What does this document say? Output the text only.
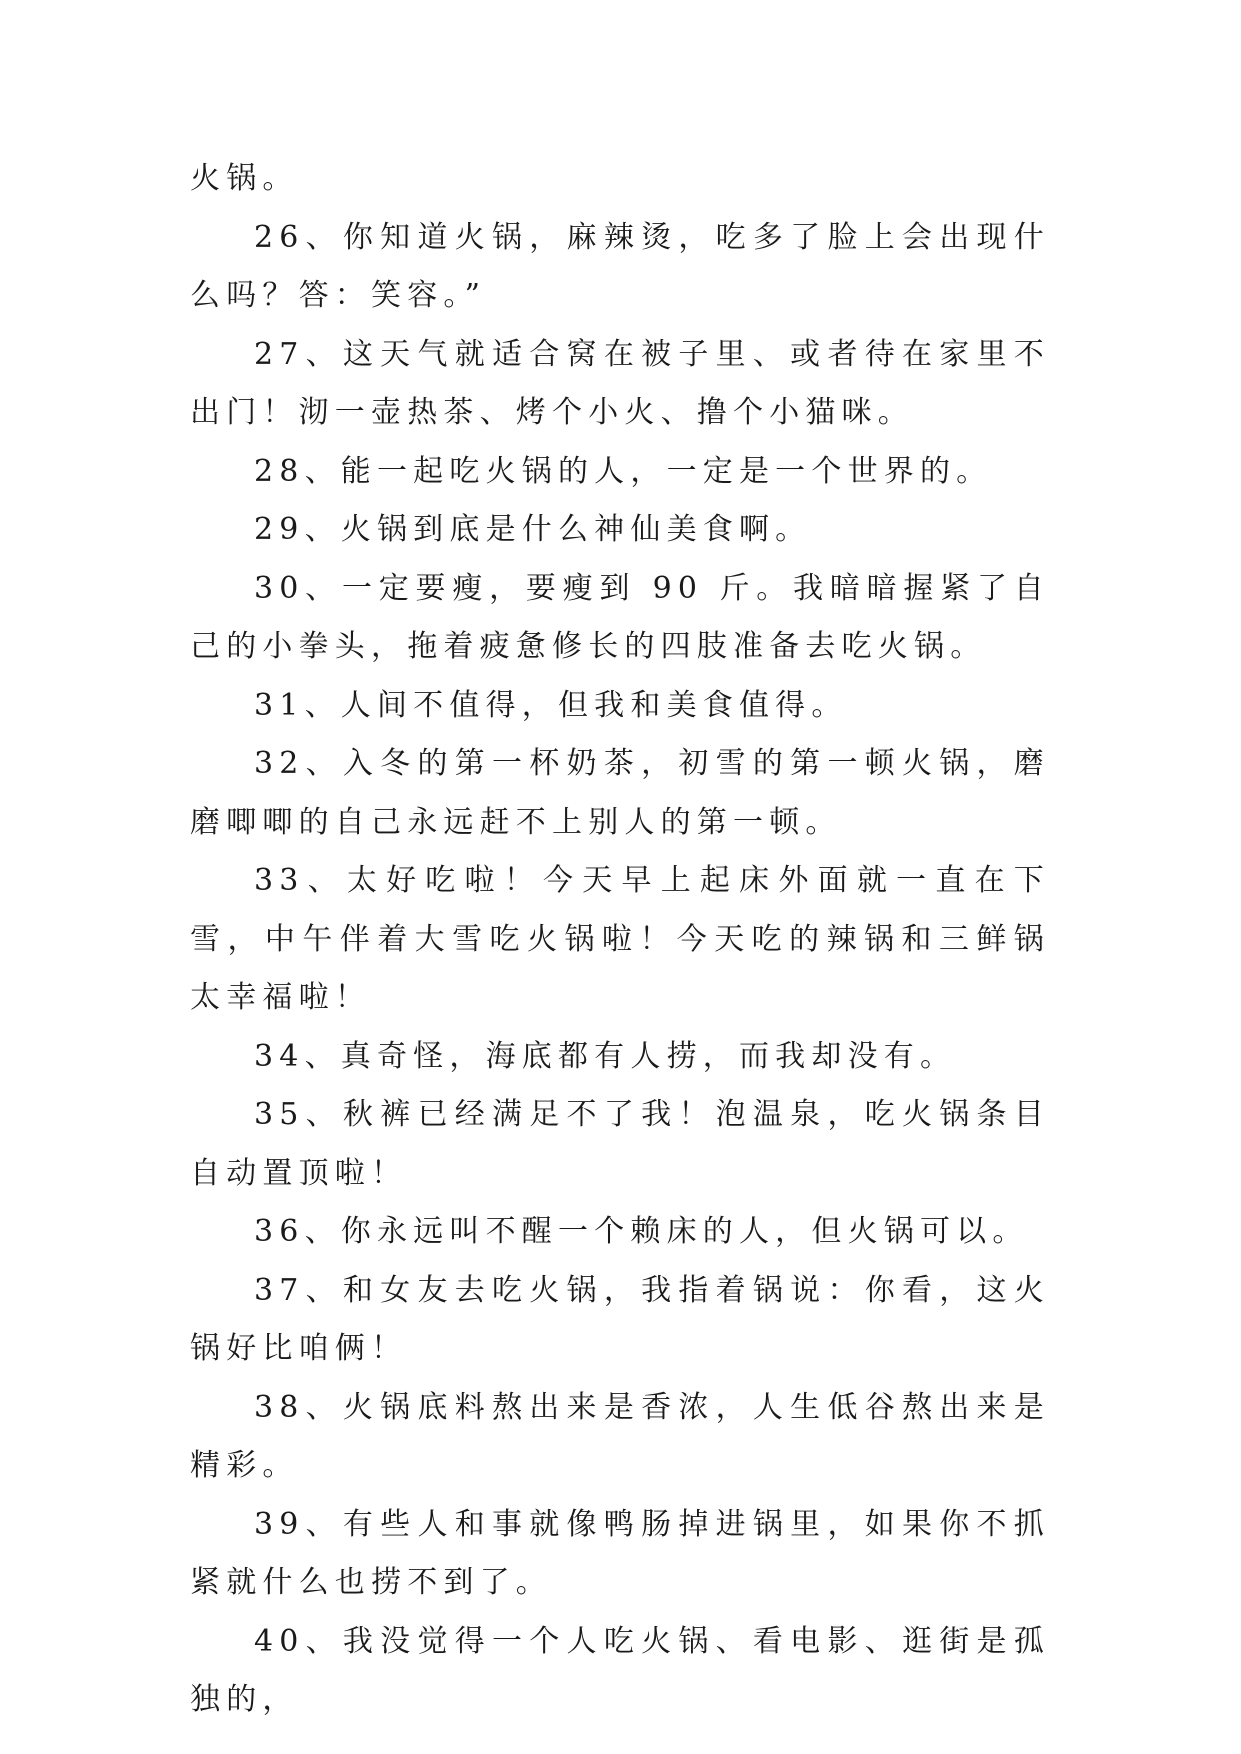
火锅。

26、你知道火锅，麻辣烫，吃多了脸上会出现什么吗？答：笑容。”

27、这天气就适合窝在被子里、或者待在家里不出门！沏一壶热茶、烤个小火、撸个小猫咪。

28、能一起吃火锅的人，一定是一个世界的。

29、火锅到底是什么神仙美食啊。

30、一定要瘦，要瘦到 90 斤。我暗暗握紧了自己的小拳头，拖着疲惫修长的四肢准备去吃火锅。

31、人间不值得，但我和美食值得。

32、入冬的第一杯奶茶，初雪的第一顿火锅，磨磨唧唧的自己永远赶不上别人的第一顿。

33、太好吃啦！今天早上起床外面就一直在下雪，中午伴着大雪吃火锅啦！今天吃的辣锅和三鲜锅太幸福啦！

34、真奇怪，海底都有人捞，而我却没有。

35、秋裤已经满足不了我！泡温泉，吃火锅条目自动置顶啦！

36、你永远叫不醒一个赖床的人，但火锅可以。

37、和女友去吃火锅，我指着锅说：你看，这火锅好比咱俩！

38、火锅底料熬出来是香浓，人生低谷熬出来是精彩。

39、有些人和事就像鸭肠掉进锅里，如果你不抓紧就什么也捞不到了。

40、我没觉得一个人吃火锅、看电影、逛街是孤独的，
